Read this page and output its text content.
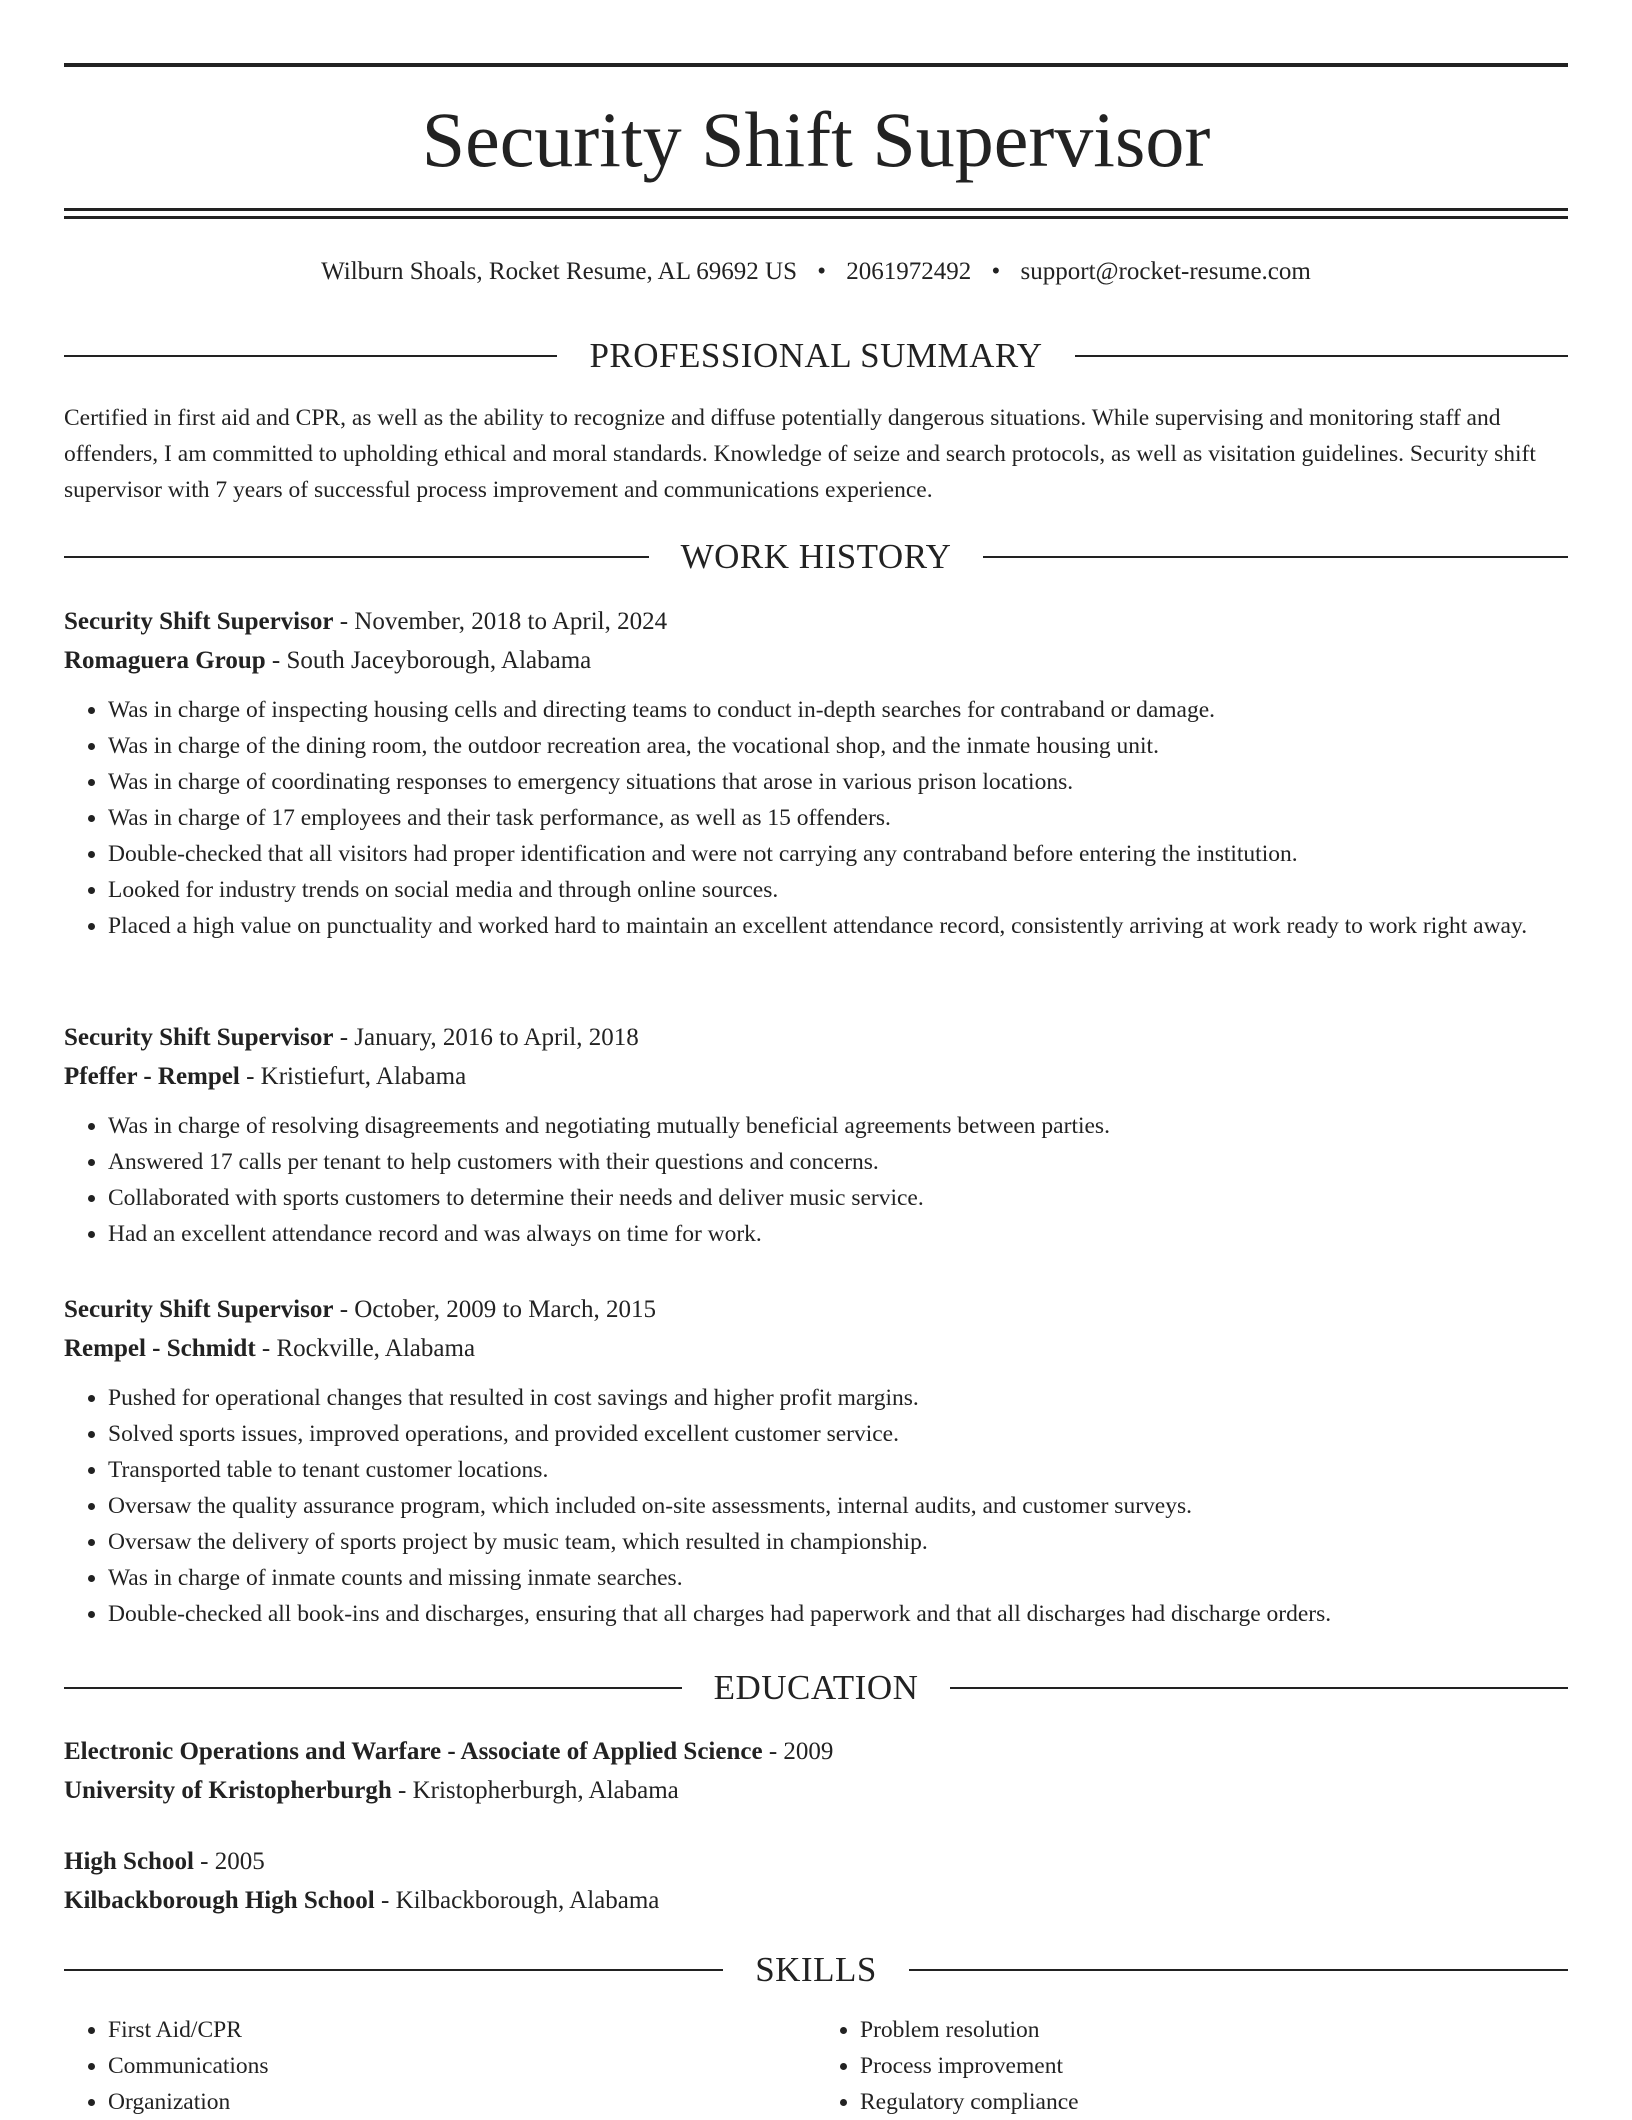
Security Shift Supervisor
Wilburn Shoals, Rocket Resume, AL 69692 US • 2061972492 • support@rocket-resume.com
PROFESSIONAL SUMMARY

Certified in first aid and CPR, as well as the ability to recognize and diffuse potentially dangerous situations. While supervising and monitoring staff and offenders, I am committed to upholding ethical and moral standards. Knowledge of seize and search protocols, as well as visitation guidelines. Security shift supervisor with 7 years of successful process improvement and communications experience.

WORK HISTORY
Security Shift Supervisor - November, 2018 to April, 2024
Romaguera Group - South Jaceyborough, Alabama
• Was in charge of inspecting housing cells and directing teams to conduct in-depth searches for contraband or damage.
• Was in charge of the dining room, the outdoor recreation area, the vocational shop, and the inmate housing unit.
• Was in charge of coordinating responses to emergency situations that arose in various prison locations.
• Was in charge of 17 employees and their task performance, as well as 15 offenders.
• Double-checked that all visitors had proper identification and were not carrying any contraband before entering the institution.
• Looked for industry trends on social media and through online sources.
• Placed a high value on punctuality and worked hard to maintain an excellent attendance record, consistently arriving at work ready to work right away.
Security Shift Supervisor - January, 2016 to April, 2018
Pfeffer - Rempel - Kristiefurt, Alabama
• Was in charge of resolving disagreements and negotiating mutually beneficial agreements between parties.
• Answered 17 calls per tenant to help customers with their questions and concerns.
• Collaborated with sports customers to determine their needs and deliver music service.
• Had an excellent attendance record and was always on time for work.
Security Shift Supervisor - October, 2009 to March, 2015
Rempel - Schmidt - Rockville, Alabama
• Pushed for operational changes that resulted in cost savings and higher profit margins.
• Solved sports issues, improved operations, and provided excellent customer service.
• Transported table to tenant customer locations.
• Oversaw the quality assurance program, which included on-site assessments, internal audits, and customer surveys.
• Oversaw the delivery of sports project by music team, which resulted in championship.
• Was in charge of inmate counts and missing inmate searches.
• Double-checked all book-ins and discharges, ensuring that all charges had paperwork and that all discharges had discharge orders.
EDUCATION
Electronic Operations and Warfare - Associate of Applied Science - 2009
University of Kristopherburgh - Kristopherburgh, Alabama
High School - 2005
Kilbackborough High School - Kilbackborough, Alabama
SKILLS
• First Aid/CPR
• Communications
• Organization
• Problem resolution
• Process improvement
• Regulatory compliance
